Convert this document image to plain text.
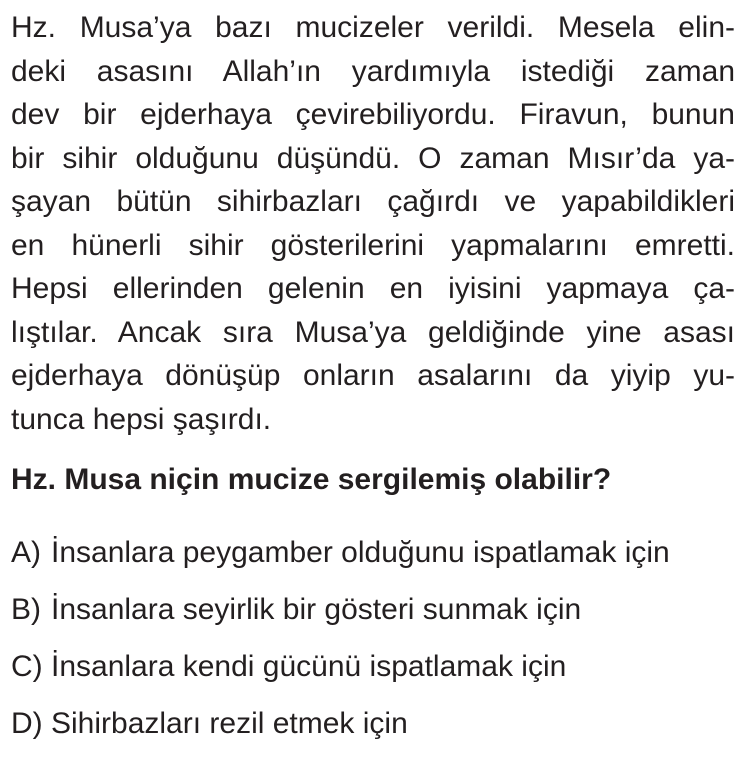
Hz. Musa’ya bazı mucizeler verildi. Mesela elin-
deki asasını Allah’ın yardımıyla istediği zaman
dev bir ejderhaya çevirebiliyordu. Firavun, bunun
bir sihir olduğunu düşündü. O zaman Mısır’da ya-
şayan bütün sihirbazları çağırdı ve yapabildikleri
en hünerli sihir gösterilerini yapmalarını emretti.
Hepsi ellerinden gelenin en iyisini yapmaya ça-
lıştılar. Ancak sıra Musa’ya geldiğinde yine asası
ejderhaya dönüşüp onların asalarını da yiyip yu-
tunca hepsi şaşırdı.
Hz. Musa niçin mucize sergilemiş olabilir?
A) İnsanlara peygamber olduğunu ispatlamak için
B) İnsanlara seyirlik bir gösteri sunmak için
C) İnsanlara kendi gücünü ispatlamak için
D) Sihirbazları rezil etmek için
